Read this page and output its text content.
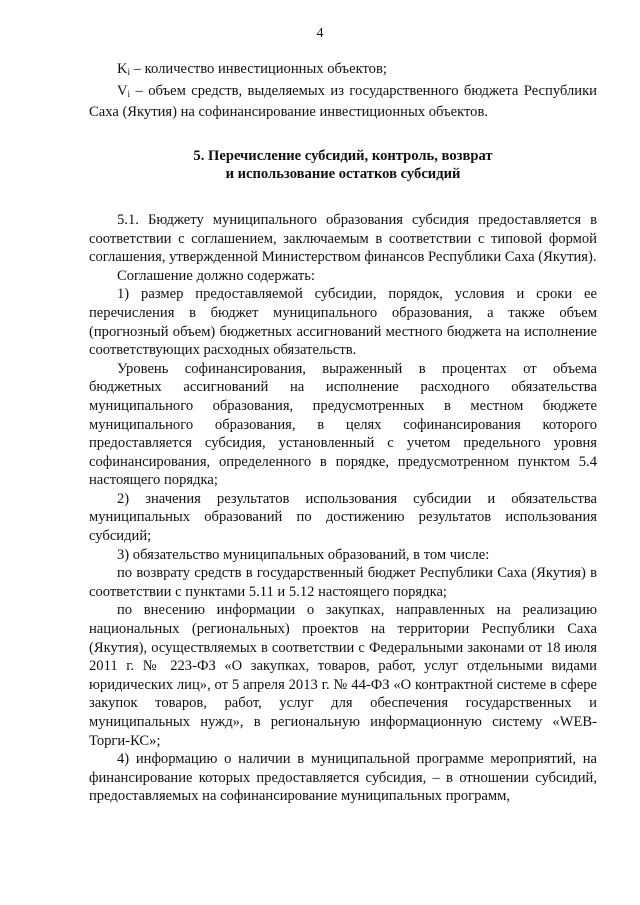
4

$K_i$ – количество инвестиционных объектов;

$V_i$ – объем средств, выделяемых из государственного бюджета Республики Саха (Якутия) на софинансирование инвестиционных объектов.

5. Перечисление субсидий, контроль, возврат
и использование остатков субсидий

5.1. Бюджету муниципального образования субсидия предоставляется в соответствии с соглашением, заключаемым в соответствии с типовой формой соглашения, утвержденной Министерством финансов Республики Саха (Якутия).

Соглашение должно содержать:

1) размер предоставляемой субсидии, порядок, условия и сроки ее перечисления в бюджет муниципального образования, а также объем (прогнозный объем) бюджетных ассигнований местного бюджета на исполнение соответствующих расходных обязательств.

Уровень софинансирования, выраженный в процентах от объема бюджетных ассигнований на исполнение расходного обязательства муниципального образования, предусмотренных в местном бюджете муниципального образования, в целях софинансирования которого предоставляется субсидия, установленный с учетом предельного уровня софинансирования, определенного в порядке, предусмотренном пунктом 5.4 настоящего порядка;

2) значения результатов использования субсидии и обязательства муниципальных образований по достижению результатов использования субсидий;

3) обязательство муниципальных образований, в том числе:

по возврату средств в государственный бюджет Республики Саха (Якутия) в соответствии с пунктами 5.11 и 5.12 настоящего порядка;

по внесению информации о закупках, направленных на реализацию национальных (региональных) проектов на территории Республики Саха (Якутия), осуществляемых в соответствии с Федеральными законами от 18 июля 2011 г. № 223-ФЗ «О закупках, товаров, работ, услуг отдельными видами юридических лиц», от 5 апреля 2013 г. № 44-ФЗ «О контрактной системе в сфере закупок товаров, работ, услуг для обеспечения государственных и муниципальных нужд», в региональную информационную систему «WEB-Торги-КС»;

4) информацию о наличии в муниципальной программе мероприятий, на финансирование которых предоставляется субсидия, – в отношении субсидий, предоставляемых на софинансирование муниципальных программ,
